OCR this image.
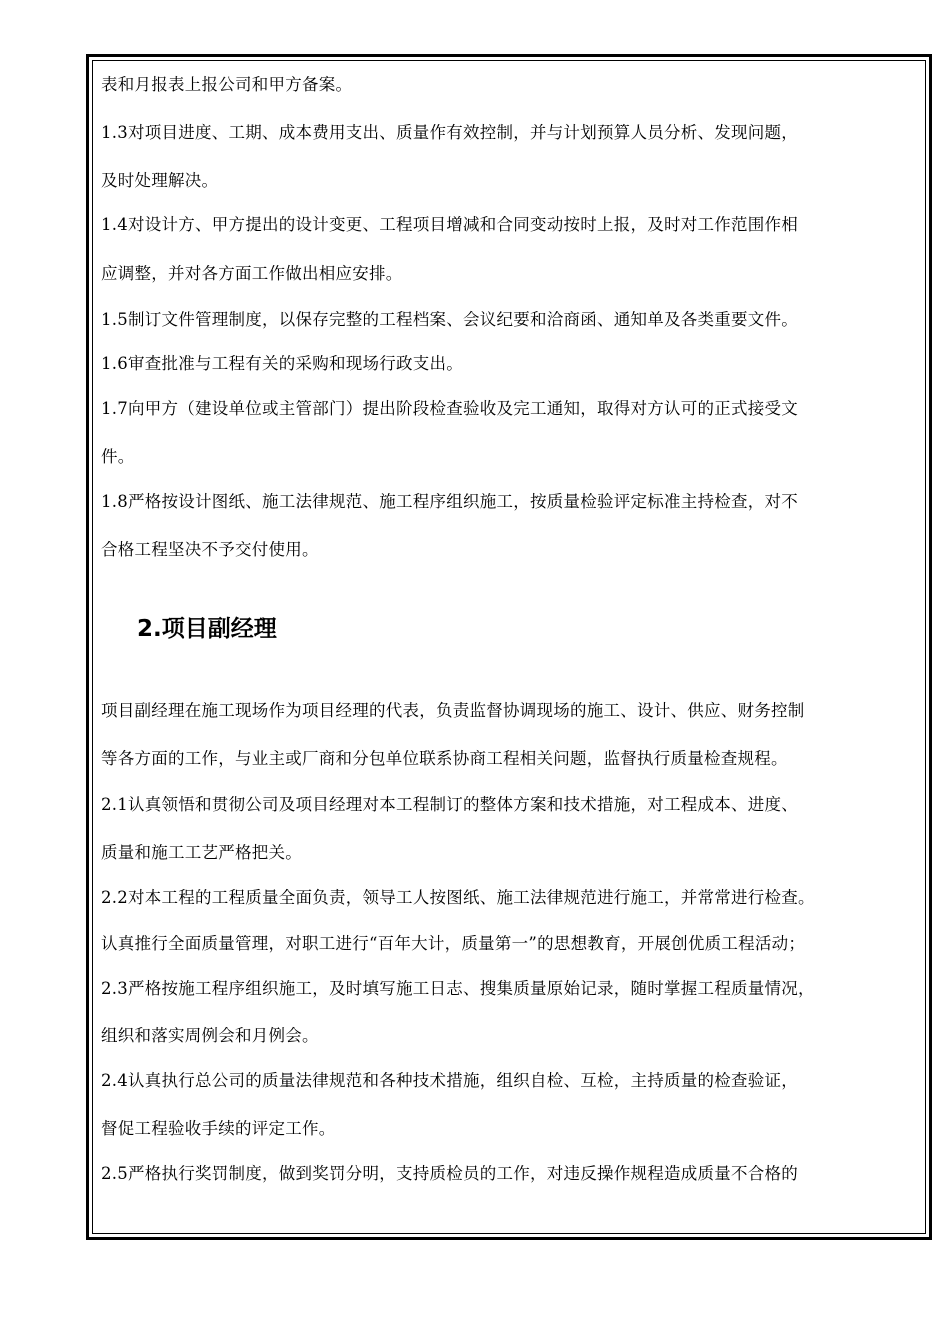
表和月报表上报公司和甲方备案。
1.3对项目进度、工期、成本费用支出、质量作有效控制，并与计划预算人员分析、发现问题，
及时处理解决。
1.4对设计方、甲方提出的设计变更、工程项目增减和合同变动按时上报，及时对工作范围作相
应调整，并对各方面工作做出相应安排。
1.5制订文件管理制度，以保存完整的工程档案、会议纪要和洽商函、通知单及各类重要文件。
1.6审查批准与工程有关的采购和现场行政支出。
1.7向甲方（建设单位或主管部门）提出阶段检查验收及完工通知，取得对方认可的正式接受文
件。
1.8严格按设计图纸、施工法律规范、施工程序组织施工，按质量检验评定标准主持检查，对不
合格工程坚决不予交付使用。
2.项目副经理
项目副经理在施工现场作为项目经理的代表，负责监督协调现场的施工、设计、供应、财务控制
等各方面的工作，与业主或厂商和分包单位联系协商工程相关问题，监督执行质量检查规程。
2.1认真领悟和贯彻公司及项目经理对本工程制订的整体方案和技术措施，对工程成本、进度、
质量和施工工艺严格把关。
2.2对本工程的工程质量全面负责，领导工人按图纸、施工法律规范进行施工，并常常进行检查。
认真推行全面质量管理，对职工进行“百年大计，质量第一”的思想教育，开展创优质工程活动；
2.3严格按施工程序组织施工，及时填写施工日志、搜集质量原始记录，随时掌握工程质量情况，
组织和落实周例会和月例会。
2.4认真执行总公司的质量法律规范和各种技术措施，组织自检、互检，主持质量的检查验证，
督促工程验收手续的评定工作。
2.5严格执行奖罚制度，做到奖罚分明，支持质检员的工作，对违反操作规程造成质量不合格的
